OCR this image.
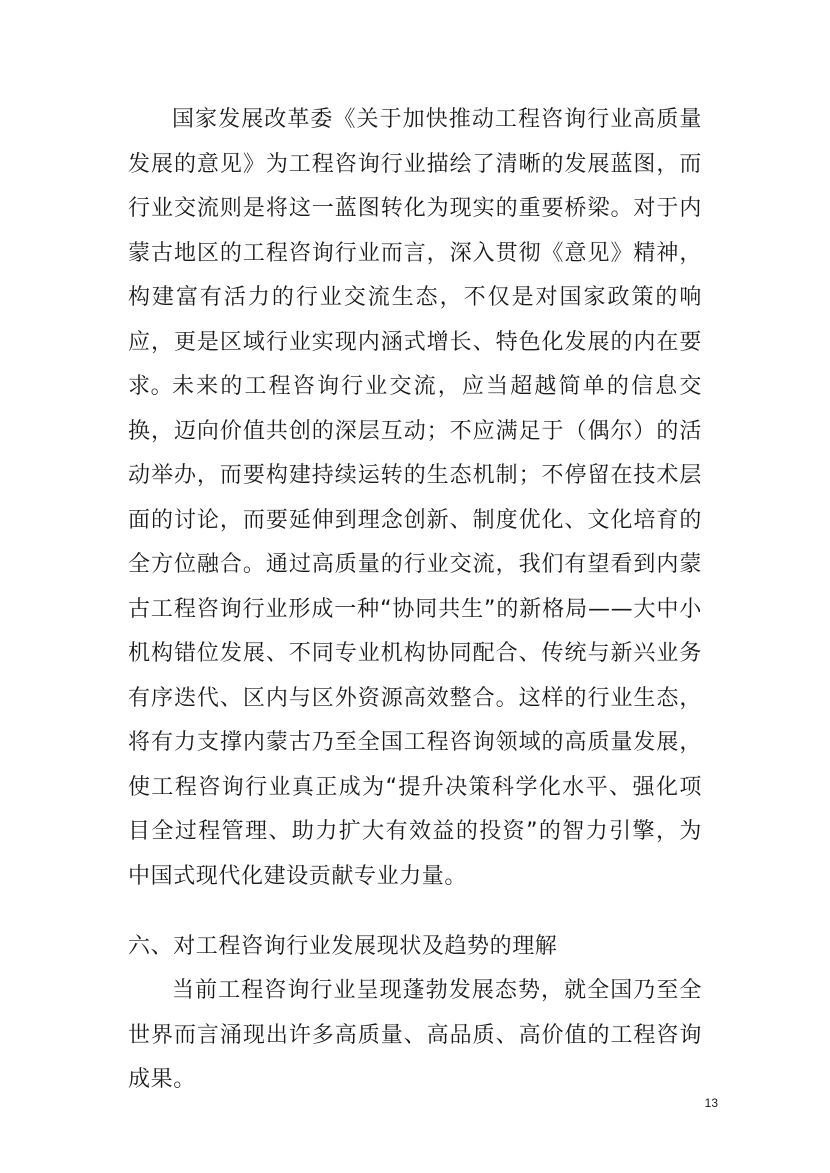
国家发展改革委《关于加快推动工程咨询行业高质量发展的意见》为工程咨询行业描绘了清晰的发展蓝图，而行业交流则是将这一蓝图转化为现实的重要桥梁。对于内蒙古地区的工程咨询行业而言，深入贯彻《意见》精神，构建富有活力的行业交流生态，不仅是对国家政策的响应，更是区域行业实现内涵式增长、特色化发展的内在要求。

未来的工程咨询行业交流，应当超越简单的信息交换，迈向价值共创的深层互动；不应满足于（偶尔）的活动举办，而要构建持续运转的生态机制；不停留在技术层面的讨论，而要延伸到理念创新、制度优化、文化培育的全方位融合。通过高质量的行业交流，我们有望看到内蒙古工程咨询行业形成一种“协同共生”的新格局——大中小机构错位发展、不同专业机构协同配合、传统与新兴业务有序迭代、区内与区外资源高效整合。这样的行业生态，将有力支撑内蒙古乃至全国工程咨询领域的高质量发展，使工程咨询行业真正成为“提升决策科学化水平、强化项目全过程管理、助力扩大有效益的投资”的智力引擎，为中国式现代化建设贡献专业力量。

六、对工程咨询行业发展现状及趋势的理解

当前工程咨询行业呈现蓬勃发展态势，就全国乃至全世界而言涌现出许多高质量、高品质、高价值的工程咨询成果。

13
